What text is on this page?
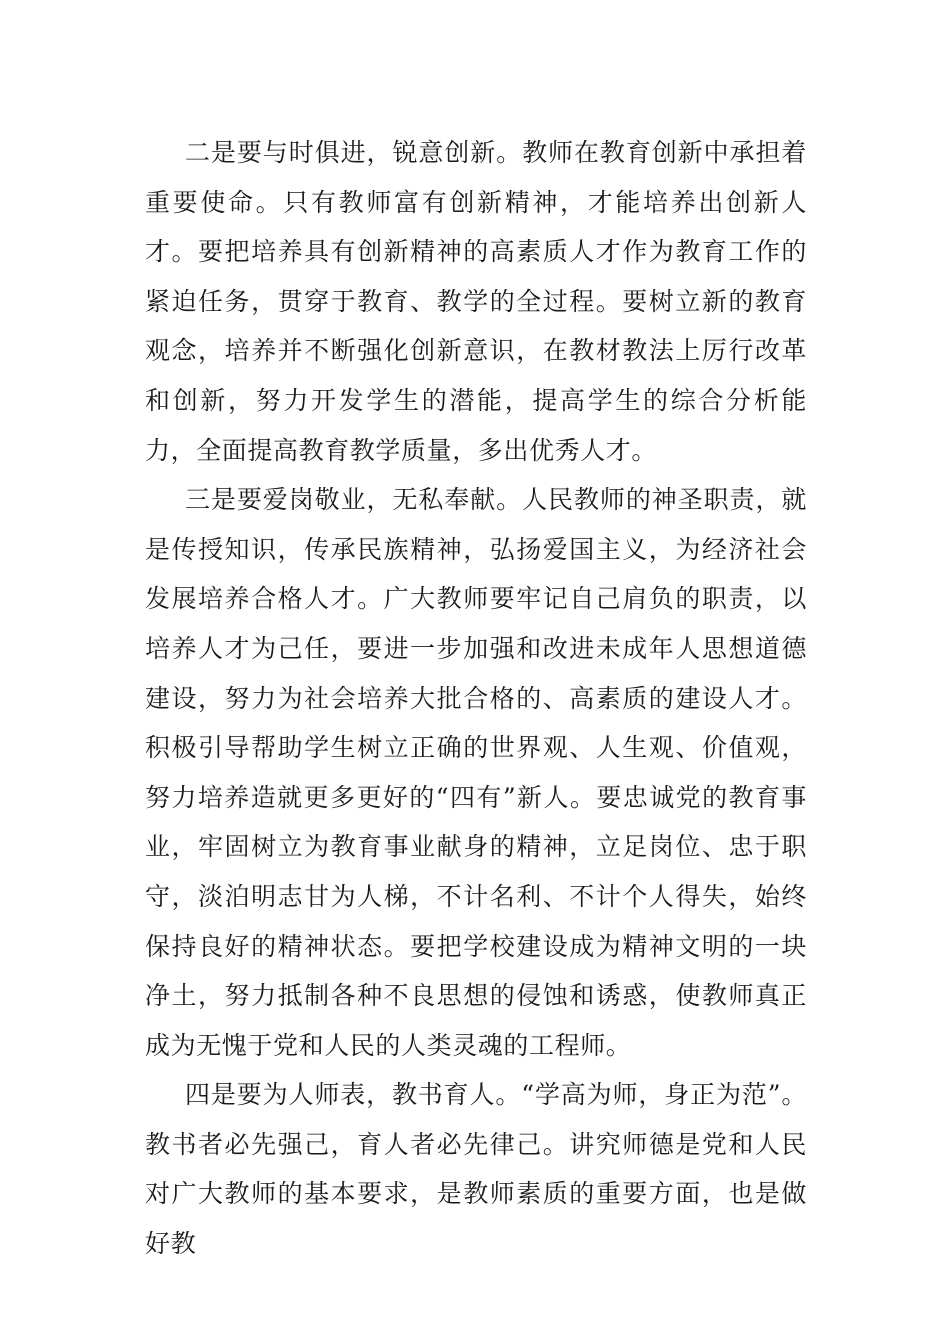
二是要与时俱进，锐意创新。教师在教育创新中承担着重要使命。只有教师富有创新精神，才能培养出创新人才。要把培养具有创新精神的高素质人才作为教育工作的紧迫任务，贯穿于教育、教学的全过程。要树立新的教育观念，培养并不断强化创新意识，在教材教法上厉行改革和创新，努力开发学生的潜能，提高学生的综合分析能力，全面提高教育教学质量，多出优秀人才。

三是要爱岗敬业，无私奉献。人民教师的神圣职责，就是传授知识，传承民族精神，弘扬爱国主义，为经济社会发展培养合格人才。广大教师要牢记自己肩负的职责，以培养人才为己任，要进一步加强和改进未成年人思想道德建设，努力为社会培养大批合格的、高素质的建设人才。积极引导帮助学生树立正确的世界观、人生观、价值观，努力培养造就更多更好的“四有”新人。要忠诚党的教育事业，牢固树立为教育事业献身的精神，立足岗位、忠于职守，淡泊明志甘为人梯，不计名利、不计个人得失，始终保持良好的精神状态。要把学校建设成为精神文明的一块净土，努力抵制各种不良思想的侵蚀和诱惑，使教师真正成为无愧于党和人民的人类灵魂的工程师。

四是要为人师表，教书育人。“学高为师，身正为范”。教书者必先强己，育人者必先律己。讲究师德是党和人民对广大教师的基本要求，是教师素质的重要方面，也是做好教
